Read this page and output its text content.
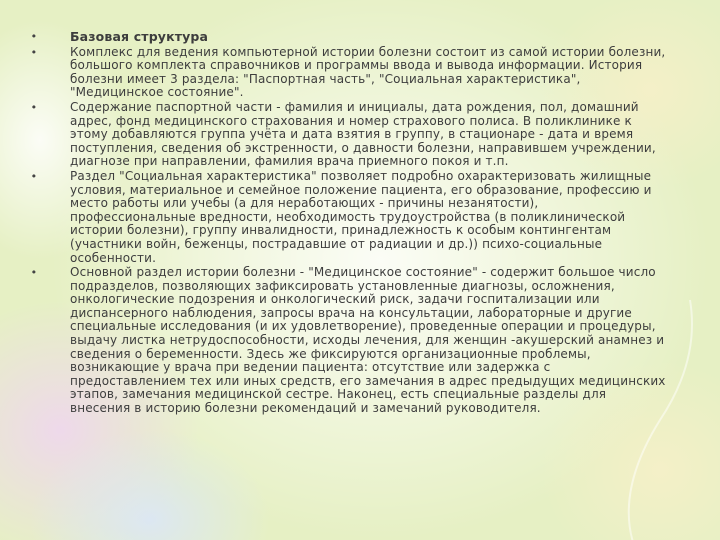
•	Базовая структура
•	Комплекс для ведения компьютерной истории болезни состоит из самой истории болезни, большого комплекта справочников и программы ввода и вывода информации. История болезни имеет 3 раздела: "Паспортная часть", "Социальная характеристика", "Медицинское состояние".
•	Содержание паспортной части - фамилия и инициалы, дата рождения, пол, домашний адрес, фонд медицинского страхования и номер страхового полиса. В поликлинике к этому добавляются группа учёта и дата взятия в группу, в стационаре - дата и время поступления, сведения об экстренности, о давности болезни, направившем учреждении, диагнозе при направлении, фамилия врача приемного покоя и т.п.
•	Раздел "Социальная характеристика" позволяет подробно охарактеризовать жилищные условия, материальное и семейное положение пациента, его образование, профессию и место работы или учебы (а для неработающих - причины незанятости), профессиональные вредности, необходимость трудоустройства (в поликлинической истории болезни), группу инвалидности, принадлежность к особым контингентам (участники войн, беженцы, пострадавшие от радиации и др.)) психо-социальные особенности.
•	Основной раздел истории болезни - "Медицинское состояние" - содержит большое число подразделов, позволяющих зафиксировать установленные диагнозы, осложнения, онкологические подозрения и онкологический риск, задачи госпитализации или диспансерного наблюдения, запросы врача на консультации, лабораторные и другие специальные исследования (и их удовлетворение), проведенные операции и процедуры, выдачу листка нетрудоспособности, исходы лечения, для женщин -акушерский анамнез и сведения о беременности. Здесь же фиксируются организационные проблемы, возникающие у врача при ведении пациента: отсутствие или задержка с предоставлением тех или иных средств, его замечания в адрес предыдущих медицинских этапов, замечания медицинской сестре. Наконец, есть специальные разделы для внесения в историю болезни рекомендаций и замечаний руководителя.
